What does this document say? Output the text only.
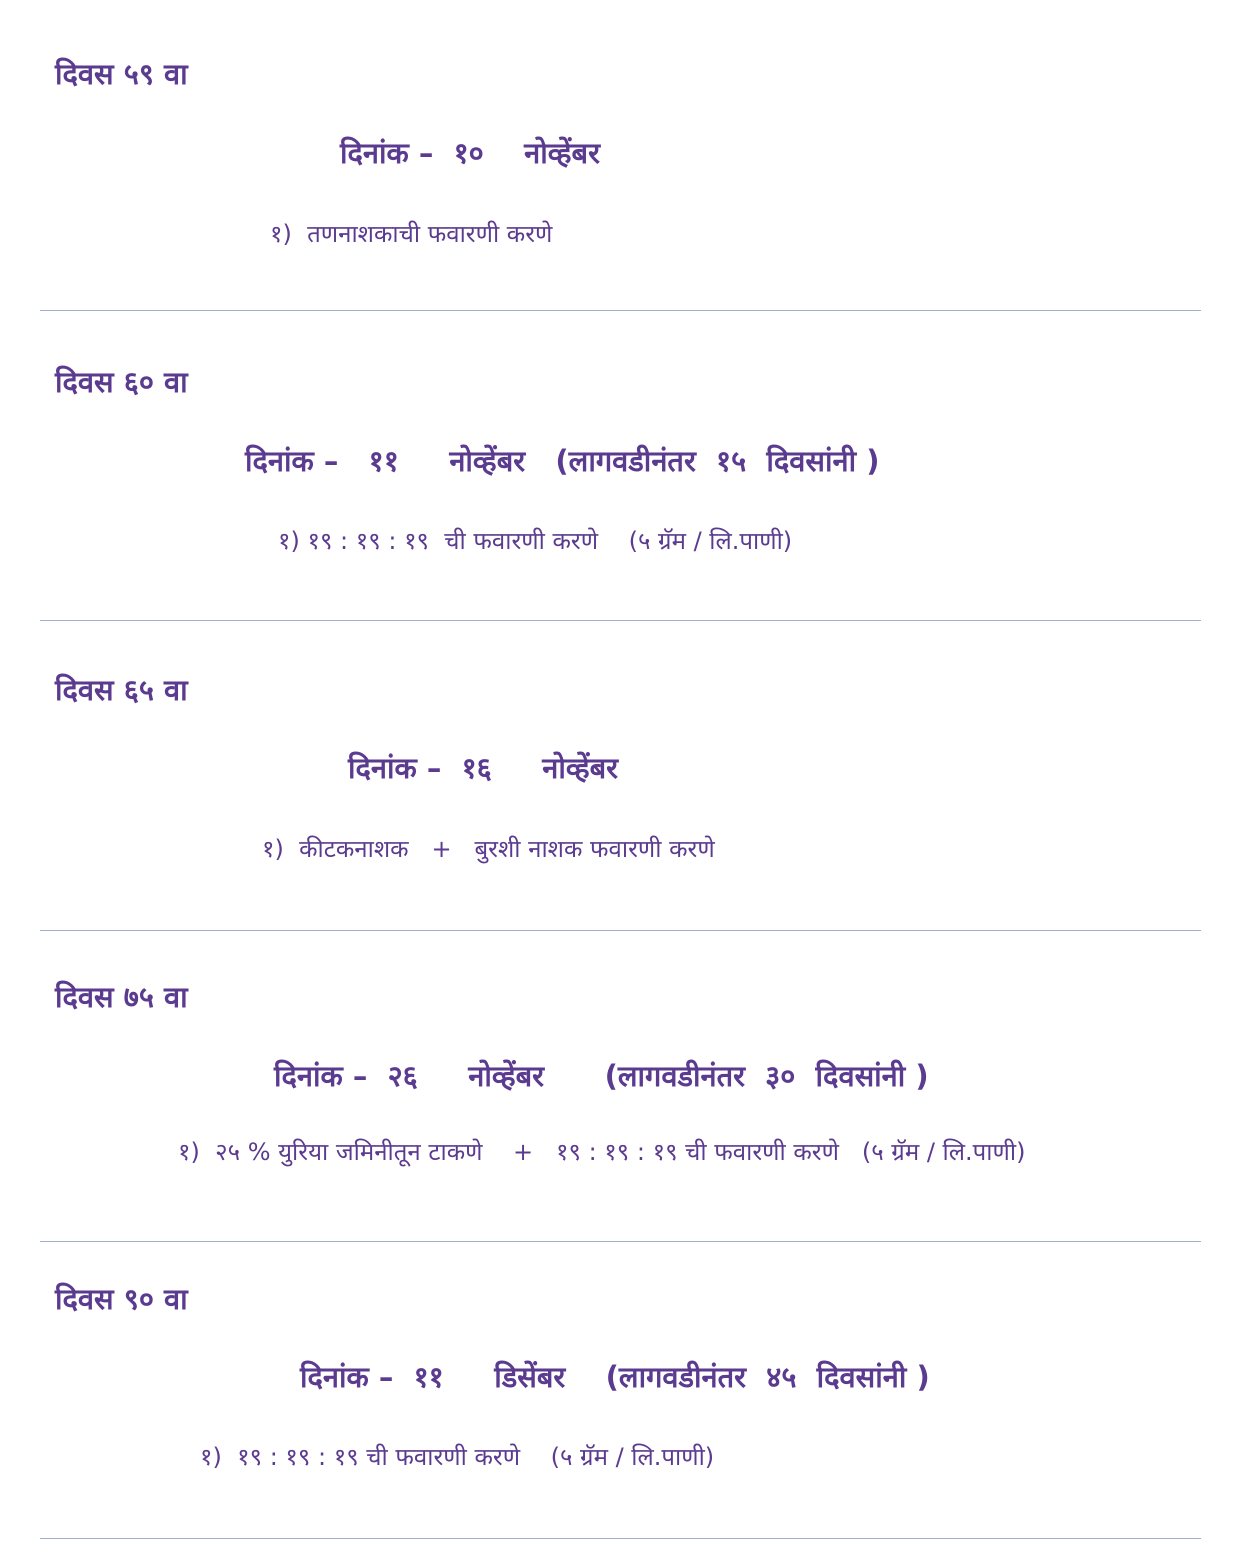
दिवस ५९ वा
दिनांक –  १०    नोव्हेंबर
१)  तणनाशकाची फवारणी करणे
दिवस ६० वा
दिनांक –   ११     नोव्हेंबर   (लागवडीनंतर  १५  दिवसांनी )
१) १९ : १९ : १९  ची फवारणी करणे    (५ ग्रॅम / लि.पाणी)
दिवस ६५ वा
दिनांक –  १६     नोव्हेंबर
१)  कीटकनाशक   +   बुरशी नाशक फवारणी करणे
दिवस ७५ वा
दिनांक –  २६     नोव्हेंबर      (लागवडीनंतर  ३०  दिवसांनी )
१)  २५ % युरिया जमिनीतून टाकणे    +   १९ : १९ : १९ ची फवारणी करणे   (५ ग्रॅम / लि.पाणी)
दिवस ९० वा
दिनांक –  ११     डिसेंबर    (लागवडीनंतर  ४५  दिवसांनी )
१)  १९ : १९ : १९ ची फवारणी करणे    (५ ग्रॅम / लि.पाणी)
